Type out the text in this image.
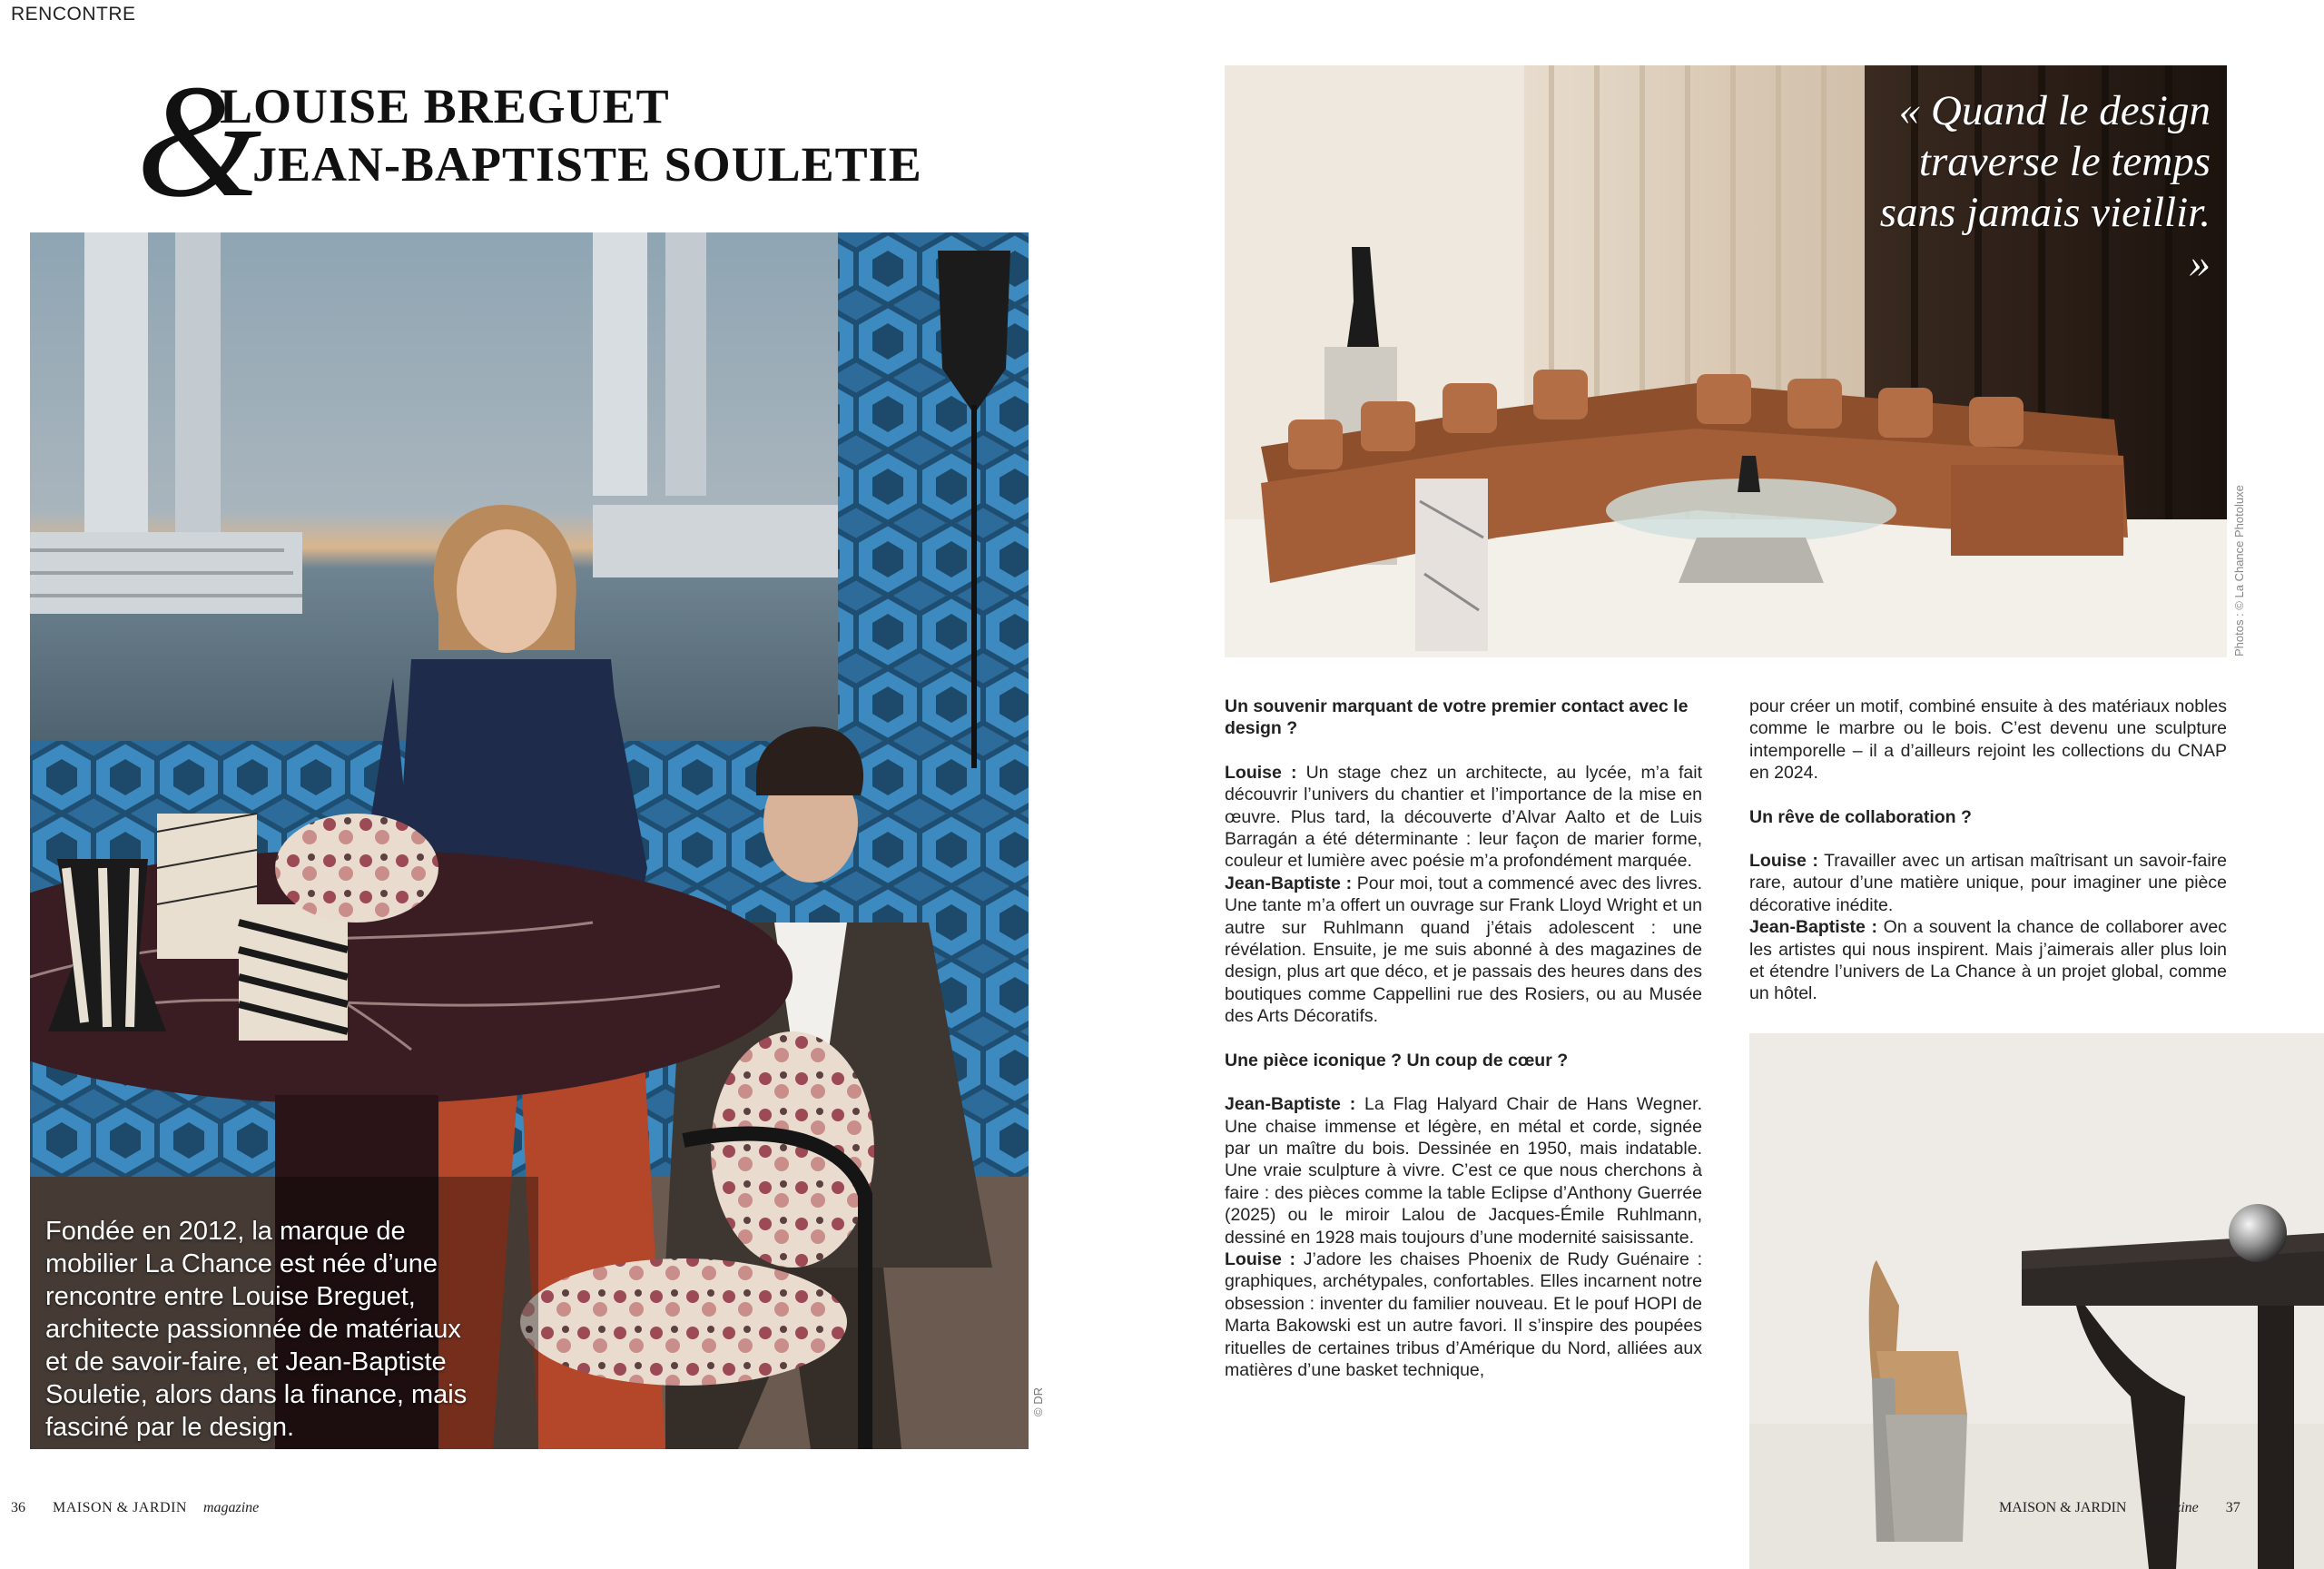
RENCONTRE
&
LOUISE BREGUET
JEAN-BAPTISTE SOULETIE
Fondée en 2012, la marque de mobilier La Chance est née d’une rencontre entre Louise Breguet, architecte passionnée de matériaux et de savoir-faire, et Jean-Baptiste Souletie, alors dans la finance, mais fasciné par le design.
© DR
36 MAISON & JARDIN magazine
« Quand le design traverse le temps sans jamais vieillir. »
Photos : © La Chance Photoluxe

Un souvenir marquant de votre premier contact avec le design ?

Louise : Un stage chez un architecte, au lycée, m’a fait découvrir l’univers du chantier et l’importance de la mise en œuvre. Plus tard, la découverte d’Alvar Aalto et de Luis Barragán a été déterminante : leur façon de marier forme, couleur et lumière avec poésie m’a profondément marquée.

Jean-Baptiste : Pour moi, tout a commencé avec des livres. Une tante m’a offert un ouvrage sur Frank Lloyd Wright et un autre sur Ruhlmann quand j’étais adolescent : une révélation. Ensuite, je me suis abonné à des magazines de design, plus art que déco, et je passais des heures dans des boutiques comme Cappellini rue des Rosiers, ou au Musée des Arts Décoratifs.

Une pièce iconique ? Un coup de cœur ?

Jean-Baptiste : La Flag Halyard Chair de Hans Wegner. Une chaise immense et légère, en métal et corde, signée par un maître du bois. Dessinée en 1950, mais indatable. Une vraie sculpture à vivre. C’est ce que nous cherchons à faire : des pièces comme la table Eclipse d’Anthony Guerrée (2025) ou le miroir Lalou de Jacques-Émile Ruhlmann, dessiné en 1928 mais toujours d’une modernité saisissante.

Louise : J’adore les chaises Phoenix de Rudy Guénaire : graphiques, archétypales, confortables. Elles incarnent notre obsession : inventer du familier nouveau. Et le pouf HOPI de Marta Bakowski est un autre favori. Il s’inspire des poupées rituelles de certaines tribus d’Amérique du Nord, alliées aux matières d’une basket technique,

pour créer un motif, combiné ensuite à des matériaux nobles comme le marbre ou le bois. C’est devenu une sculpture intemporelle – il a d’ailleurs rejoint les collections du CNAP en 2024.

Un rêve de collaboration ?

Louise : Travailler avec un artisan maîtrisant un savoir-faire rare, autour d’une matière unique, pour imaginer une pièce décorative inédite.

Jean-Baptiste : On a souvent la chance de collaborer avec les artistes qui nous inspirent. Mais j’aimerais aller plus loin et étendre l’univers de La Chance à un projet global, comme un hôtel.

MAISON & JARDIN magazine 37
